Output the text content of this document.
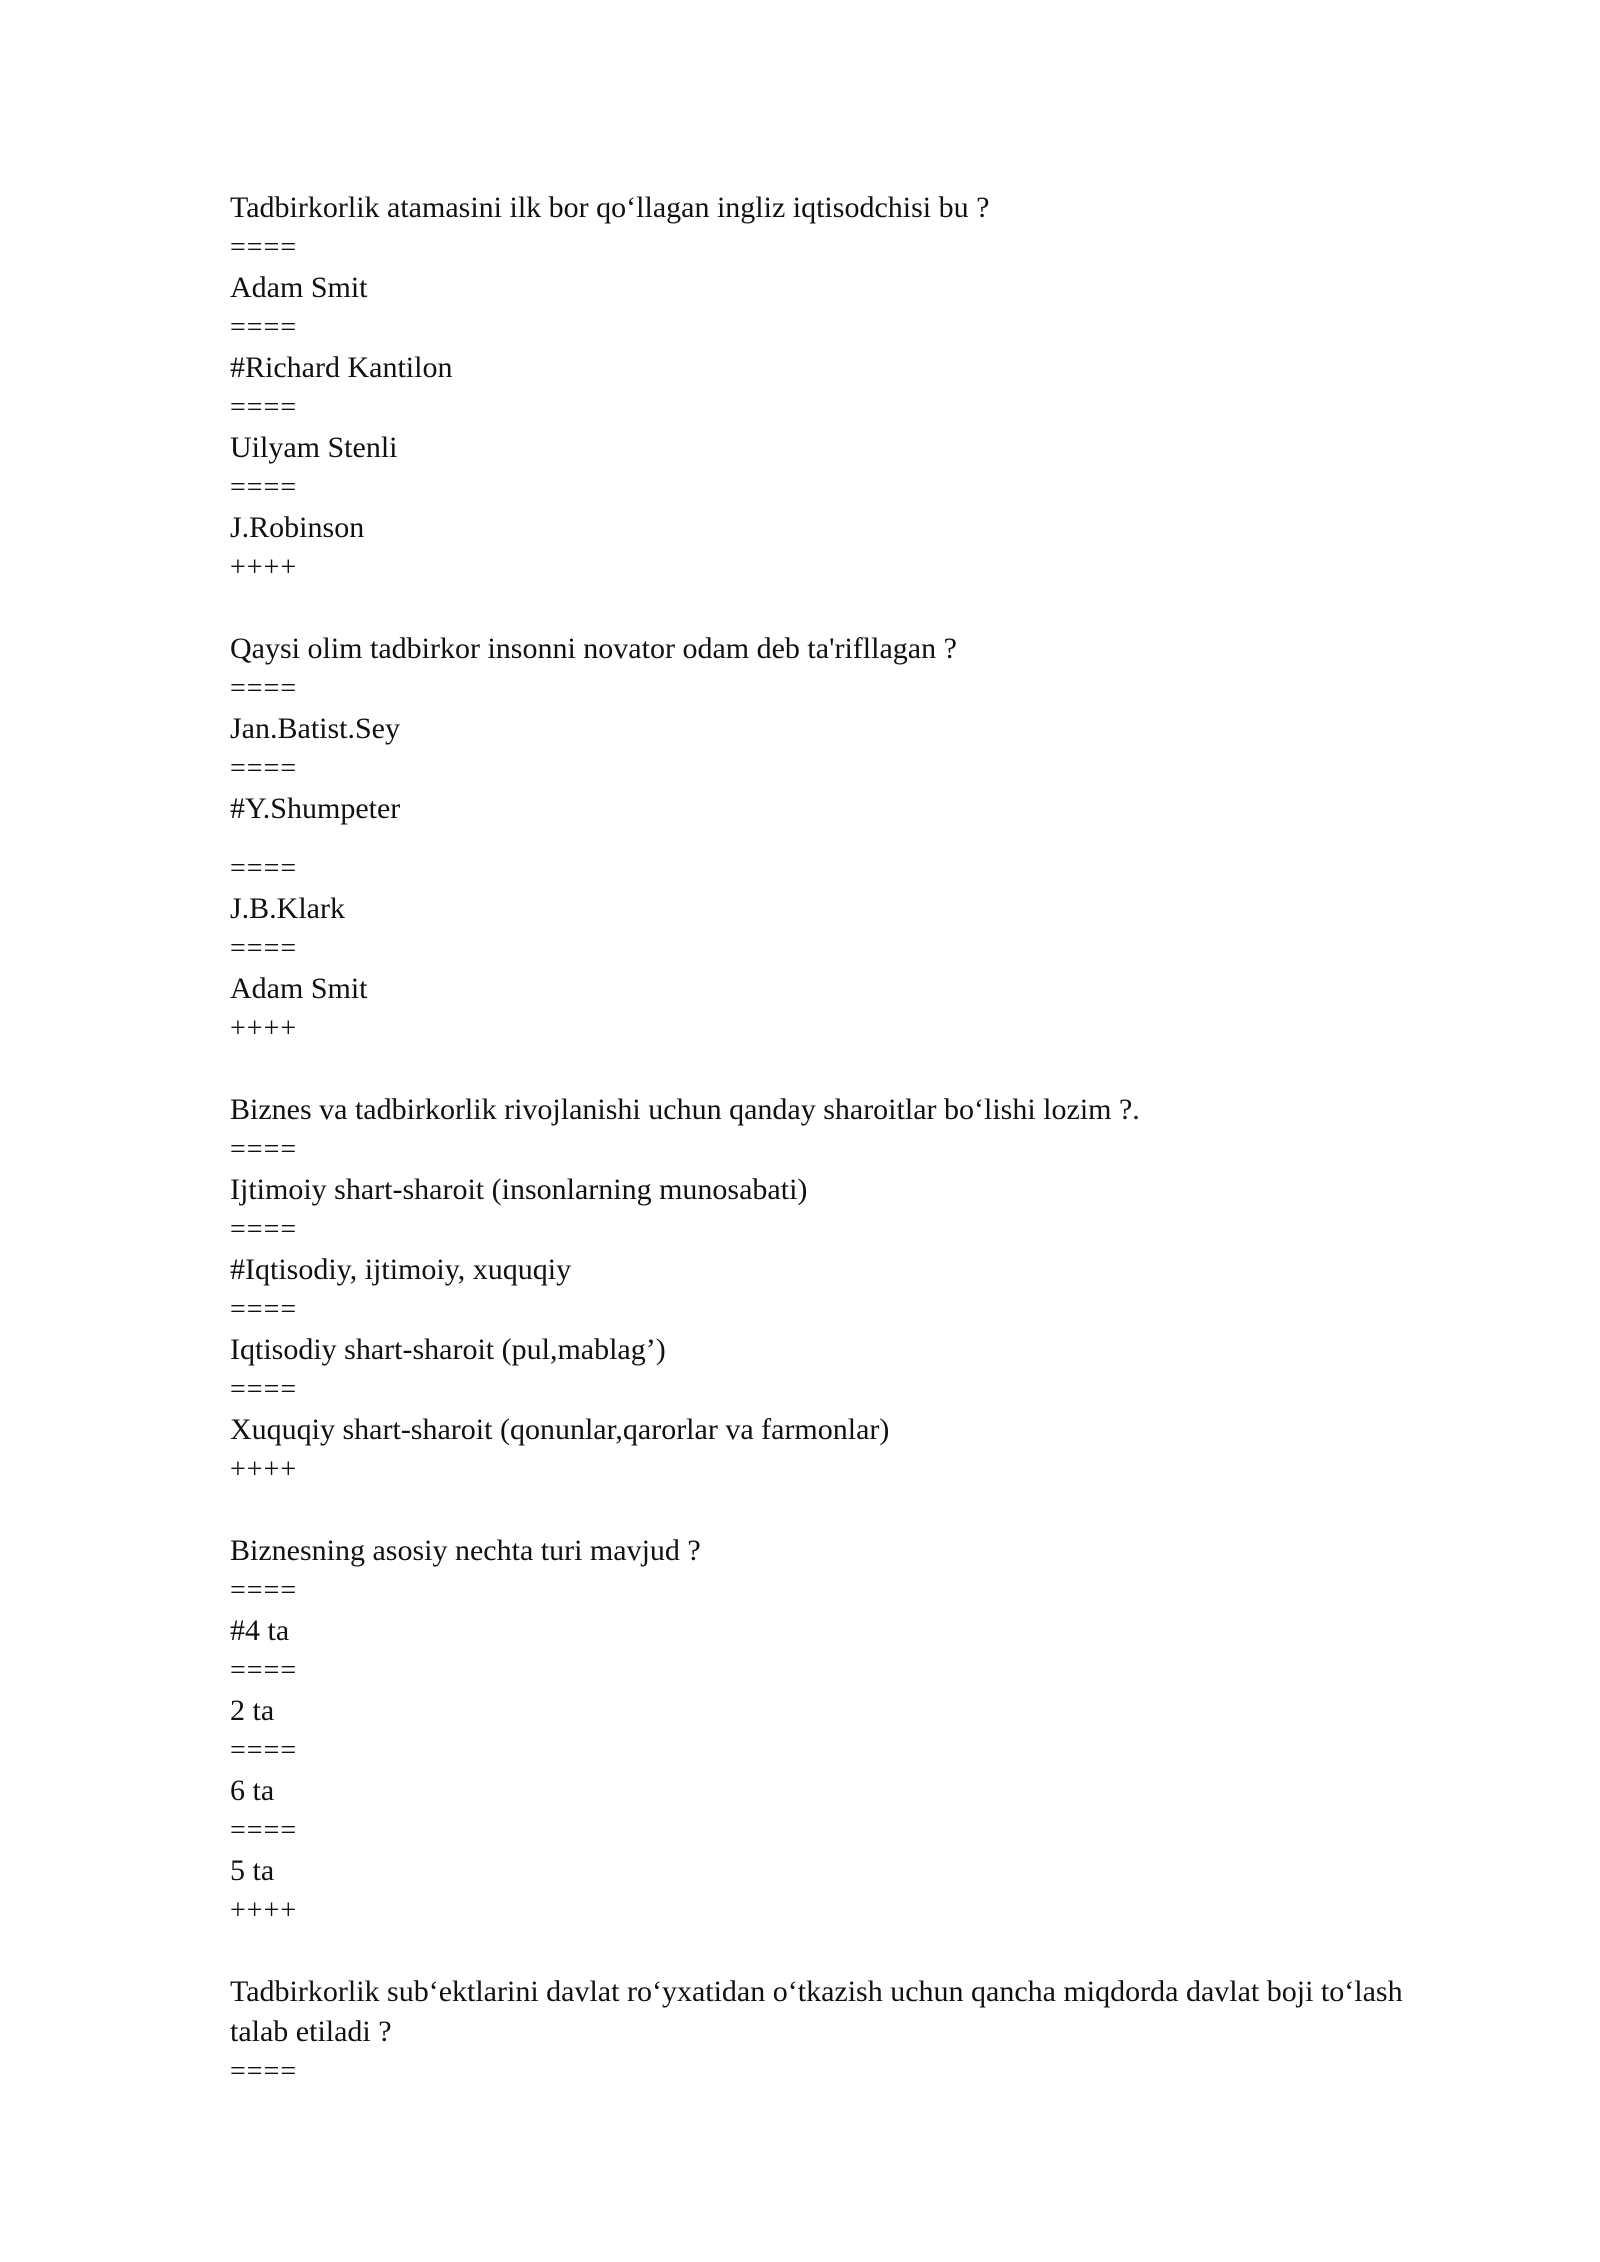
Tadbirkorlik atamasini ilk bor qo‘llagan ingliz iqtisodchisi bu ?

====

Adam Smit

====

#Richard Kantilon

====

Uilyam Stenli

====

J.Robinson

++++

Qaysi olim tadbirkor insonni novator odam deb ta'rifllagan ?

====

Jan.Batist.Sey

====

#Y.Shumpeter

====

J.B.Klark

====

Adam Smit

++++

Biznes va tadbirkorlik rivojlanishi uchun qanday sharoitlar bo‘lishi lozim ?.

====

Ijtimoiy shart-sharoit (insonlarning munosabati)

====

#Iqtisodiy, ijtimoiy, xuquqiy

====

Iqtisodiy shart-sharoit (pul,mablag’)

====

Xuquqiy shart-sharoit (qonunlar,qarorlar va farmonlar)

++++

Biznesning asosiy nechta turi mavjud ?

====

#4 ta

====

2 ta

====

6 ta

====

5 ta

++++

Tadbirkorlik sub‘ektlarini davlat ro‘yxatidan o‘tkazish uchun qancha miqdorda davlat boji to‘lash talab etiladi ?

====
